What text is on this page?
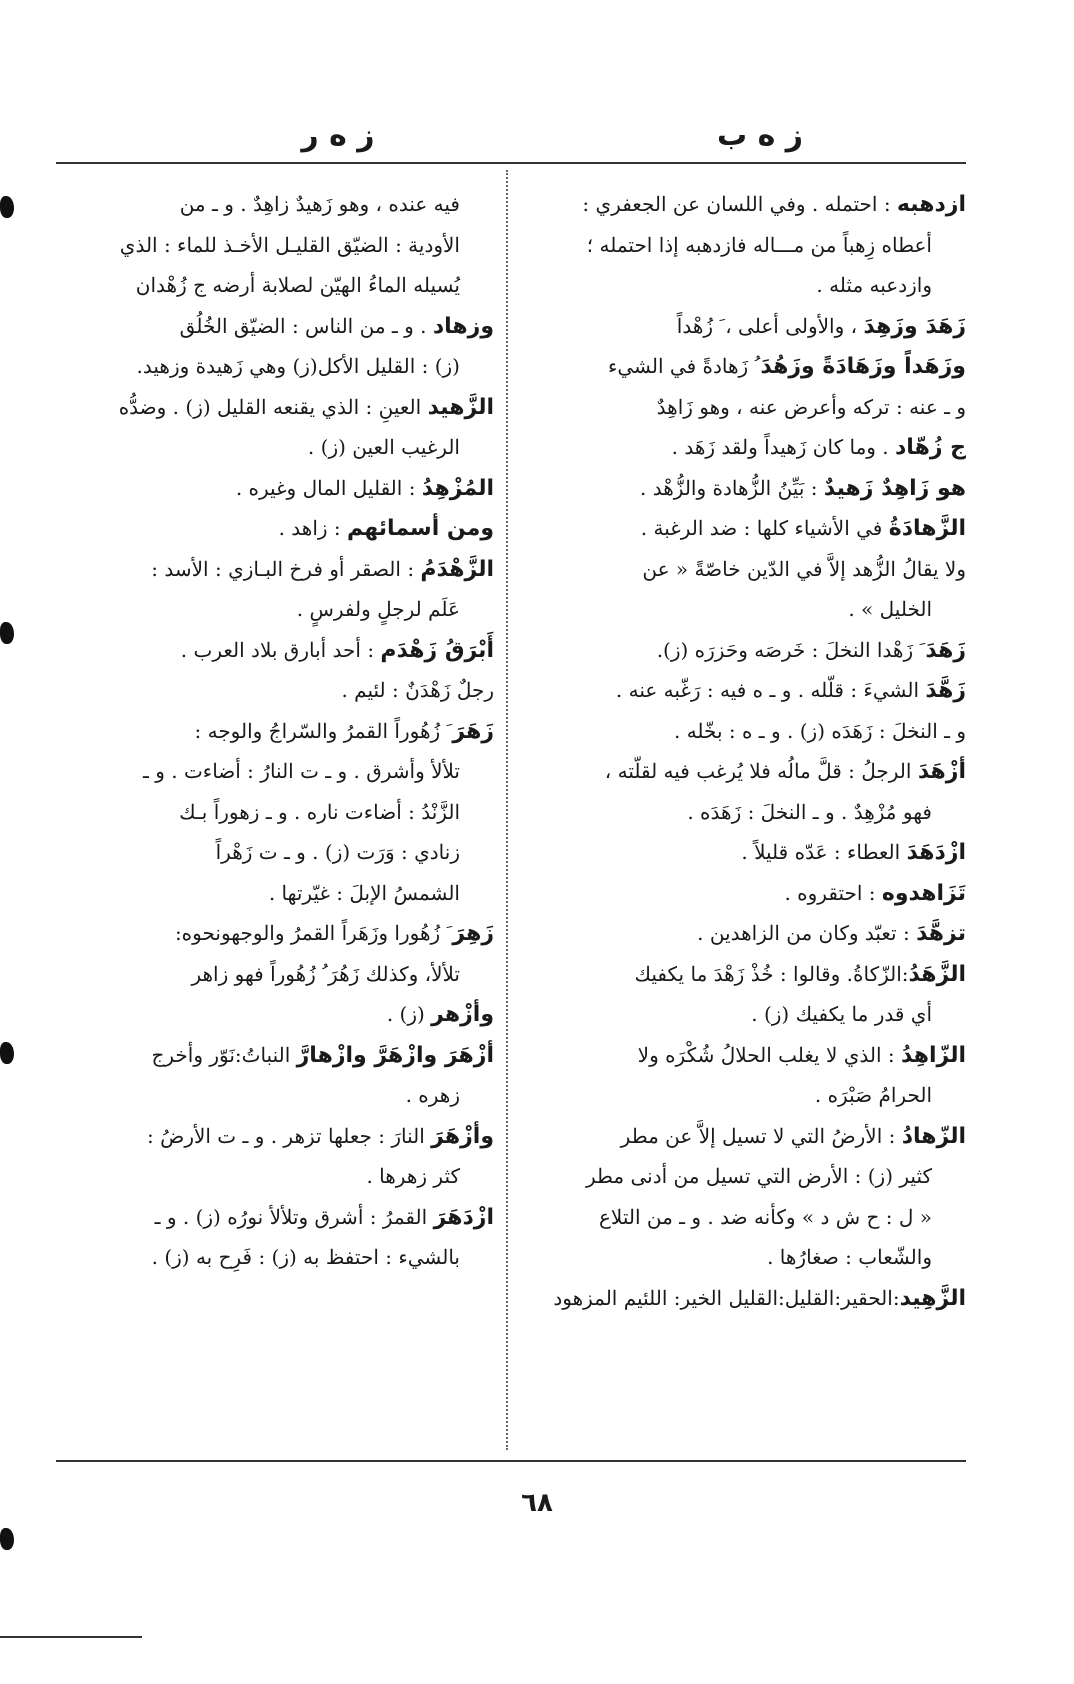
ز ه ب
ز ه ر
ازدهبه : احتمله . وفي اللسان عن الجعفري :
أعطاه زِهباً من مـــاله فازدهبه إذا احتمله ؛
وازدعبه مثله .
زَهَدَ وزَهِدَ ، والأولى أعلى ، َ زُهْداً
وزَهَداً وزَهَادَةً وزَهُدَ ُ زَهادةً في الشيء
و ـ عنه : تركه وأعرض عنه ، وهو زَاهِدٌ
ج زُهّاد . وما كان زَهيداً ولقد زَهَد .
هو زَاهِدٌ زَهيدٌ : بَيِّنُ الزُّهادة والزُّهْد .
الزَّهادَةُ في الأشياء كلها : ضد الرغبة .
ولا يقالُ الزُّهد إلاَّ في الدّين خاصّةً « عن
الخليل » .
زَهَدَ َ زَهْدا النخلَ : خَرصَه وحَزرَه (ز).
زَهَّدَ الشيءَ : قلّله . و ـ ه فيه : رَغّبه عنه .
و ـ النخلَ : زَهَدَه (ز) . و ـ ه : بخّله .
أزْهَدَ الرجلُ : قلَّ مالُه فلا يُرغب فيه لقلّته ،
فهو مُزْهِدٌ . و ـ النخلَ : زَهَدَه .
ازْدَهَدَ العطاء : عَدّه قليلاً .
تَزَاهدوه : احتقروه .
تزهَّدَ : تعبّد وكان من الزاهدين .
الزَّهَدُ:الزّكاةُ. وقالوا : خُذْ زَهْدَ ما يكفيك
أي قدر ما يكفيك (ز) .
الزّاهِدُ : الذي لا يغلب الحلالُ شُكْرَه ولا
الحرامُ صَبْرَه .
الزّهادُ : الأرضُ التي لا تسيل إلاَّ عن مطر
كثير (ز) : الأرض التي تسيل من أدنى مطر
« ل : ح ش د » وكأنه ضد . و ـ من التلاع
والشّعاب : صغارُها .
الزَّهِيد:الحقير:القليل:القليل الخير: اللئيم المزهود
فيه عنده ، وهو زَهيدٌ زاهِدٌ . و ـ من
الأودية : الضيّق القليـل الأخـذ للماء : الذي
يُسيله الماءُ الهيّن لصلابة أرضه ج زُهْدان
وزهاد . و ـ من الناس : الضيّق الخُلُق
(ز) : القليل الأكل(ز) وهي زَهيدة وزهيد.
الزَّهيد العينِ : الذي يقنعه القليل (ز) . وضدُّه
الرغيب العين (ز) .
المُزْهِدُ : القليل المال وغيره .
ومن أسمائهم : زاهد .
الزَّهْدَمُ : الصقر أو فرخ البـازي : الأسد :
عَلَم لرجلٍ ولفرسٍ .
أَبْرَقُ زَهْدَم : أحد أبارق بلاد العرب .
رجلٌ زَهْدَنٌ : لئيم .
زَهَرَ َ زُهُوراً القمرُ والسّراجُ والوجه :
تلألأ وأشرق . و ـ ت النارُ : أضاءت . و ـ
الزَّنْدُ : أضاءت ناره . و ـ زهوراً بـك
زنادي : وَرَت (ز) . و ـ ت زَهْراً
الشمسُ الإبلَ : غيّرتها .
زَهِرَ َ زُهُورا وزَهَراً القمرُ والوجهونحوه:
تلألأ، وكذلك زَهُرَ ُ زُهُوراً فهو زاهر
وأزْهر (ز) .
أزْهَرَ وازْهَرَّ وازْهارَّ النباتُ:نَوّر وأخرج
زهره .
وأزْهَرَ النارَ : جعلها تزهر . و ـ ت الأرضُ :
كثر زهرها .
ازْدَهَرَ القمرُ : أشرق وتلألأ نورُه (ز) . و ـ
بالشيء : احتفظ به (ز) : فَرِح به (ز) .
٦٨
